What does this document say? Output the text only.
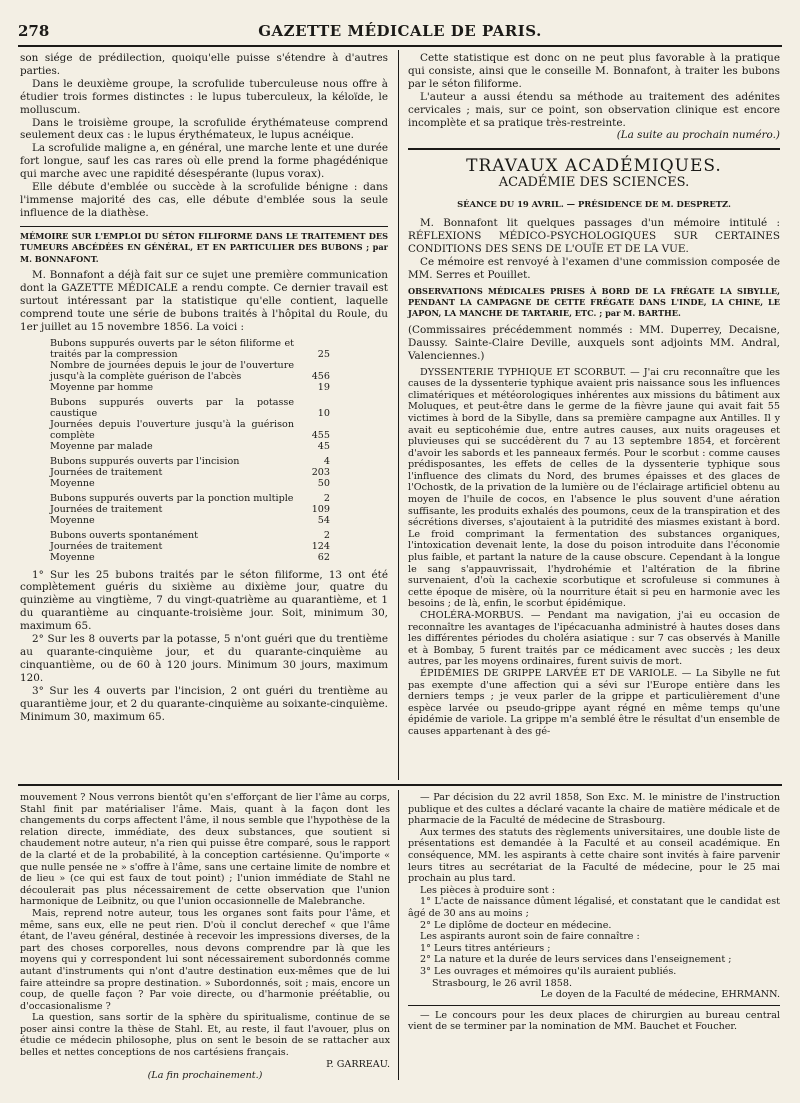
278	GAZETTE MÉDICALE DE PARIS.

son siége de prédilection, quoiqu'elle puisse s'étendre à d'autres parties.

Dans le deuxième groupe, la scrofulide tuberculeuse nous offre à étudier trois formes distinctes : le lupus tuberculeux, la kéloïde, le molluscum.

Dans le troisième groupe, la scrofulide érythémateuse comprend seulement deux cas : le lupus érythémateux, le lupus acnéique.

La scrofulide maligne a, en général, une marche lente et une durée fort longue, sauf les cas rares où elle prend la forme phagédénique qui marche avec une rapidité désespérante (lupus vorax).

Elle débute d'emblée ou succède à la scrofulide bénigne : dans l'immense majorité des cas, elle débute d'emblée sous la seule influence de la diathèse.

MÉMOIRE SUR L'EMPLOI DU SÉTON FILIFORME DANS LE TRAITEMENT DES TUMEURS ABCÉDÉES EN GÉNÉRAL, ET EN PARTICULIER DES BUBONS ; par M. BONNAFONT.

M. Bonnafont a déjà fait sur ce sujet une première communication dont la GAZETTE MÉDICALE a rendu compte. Ce dernier travail est surtout intéressant par la statistique qu'elle contient, laquelle comprend toute une série de bubons traités à l'hôpital du Roule, du 1er juillet au 15 novembre 1856. La voici :

Bubons suppurés ouverts par le séton filiforme et traités par la compression	25
Nombre de journées depuis le jour de l'ouverture jusqu'à la complète guérison de l'abcès	456
Moyenne par homme	19
Bubons suppurés ouverts par la potasse caustique	10
Journées depuis l'ouverture jusqu'à la guérison complète	455
Moyenne par malade	45
Bubons suppurés ouverts par l'incision	4
Journées de traitement	203
Moyenne	50
Bubons suppurés ouverts par la ponction multiple	2
Journées de traitement	109
Moyenne	54
Bubons ouverts spontanément	2
Journées de traitement	124
Moyenne	62

1° Sur les 25 bubons traités par le séton filiforme, 13 ont été complètement guéris du sixième au dixième jour, quatre du quinzième au vingtième, 7 du vingt-quatrième au quarantième, et 1 du quarantième au cinquante-troisième jour. Soit, minimum 30, maximum 65.

2° Sur les 8 ouverts par la potasse, 5 n'ont guéri que du trentième au quarante-cinquième jour, et du quarante-cinquième au cinquantième, ou de 60 à 120 jours. Minimum 30 jours, maximum 120.

3° Sur les 4 ouverts par l'incision, 2 ont guéri du trentième au quarantième jour, et 2 du quarante-cinquième au soixante-cinquième. Minimum 30, maximum 65.

Cette statistique est donc on ne peut plus favorable à la pratique qui consiste, ainsi que le conseille M. Bonnafont, à traiter les bubons par le séton filiforme.

L'auteur a aussi étendu sa méthode au traitement des adénites cervicales ; mais, sur ce point, son observation clinique est encore incomplète et sa pratique très-restreinte.

(La suite au prochain numéro.)
TRAVAUX ACADÉMIQUES.
ACADÉMIE DES SCIENCES.
SÉANCE DU 19 AVRIL. — PRÉSIDENCE DE M. DESPRETZ.

M. Bonnafont lit quelques passages d'un mémoire intitulé : RÉFLEXIONS MÉDICO-PSYCHOLOGIQUES SUR CERTAINES CONDITIONS DES SENS DE L'OUÏE ET DE LA VUE.

Ce mémoire est renvoyé à l'examen d'une commission composée de MM. Serres et Pouillet.

OBSERVATIONS MÉDICALES PRISES À BORD DE LA FRÉGATE LA SIBYLLE, PENDANT LA CAMPAGNE DE CETTE FRÉGATE DANS L'INDE, LA CHINE, LE JAPON, LA MANCHE DE TARTARIE, ETC. ; par M. BARTHE.

(Commissaires précédemment nommés : MM. Duperrey, Decaisne, Daussy. Sainte-Claire Deville, auxquels sont adjoints MM. Andral, Valenciennes.)

DYSSENTERIE TYPHIQUE ET SCORBUT. — J'ai cru reconnaître que les causes de la dyssenterie typhique avaient pris naissance sous les influences climatériques et météorologiques inhérentes aux missions du bâtiment aux Moluques, et peut-être dans le germe de la fièvre jaune qui avait fait 55 victimes à bord de la Sibylle, dans sa première campagne aux Antilles. Il y avait eu septicohémie due, entre autres causes, aux nuits orageuses et pluvieuses qui se succédèrent du 7 au 13 septembre 1854, et forcèrent d'avoir les sabords et les panneaux fermés. Pour le scorbut : comme causes prédisposantes, les effets de celles de la dyssenterie typhique sous l'influence des climats du Nord, des brumes épaisses et des glaces de l'Ochostk, de la privation de la lumière ou de l'éclairage artificiel obtenu au moyen de l'huile de cocos, en l'absence le plus souvent d'une aération suffisante, les produits exhalés des poumons, ceux de la transpiration et des sécrétions diverses, s'ajoutaient à la putridité des miasmes existant à bord. Le froid comprimant la fermentation des substances organiques, l'intoxication devenait lente, la dose du poison introduite dans l'économie plus faible, et partant la nature de la cause obscure. Cependant à la longue le sang s'appauvrissait, l'hydrohémie et l'altération de la fibrine survenaient, d'où la cachexie scorbutique et scrofuleuse si communes à cette époque de misère, où la nourriture était si peu en harmonie avec les besoins ; de là, enfin, le scorbut épidémique.

CHOLÉRA-MORBUS. — Pendant ma navigation, j'ai eu occasion de reconnaître les avantages de l'ipécacuanha administré à hautes doses dans les différentes périodes du choléra asiatique : sur 7 cas observés à Manille et à Bombay, 5 furent traités par ce médicament avec succès ; les deux autres, par les moyens ordinaires, furent suivis de mort.

ÉPIDÉMIES DE GRIPPE LARVÉE ET DE VARIOLE. — La Sibylle ne fut pas exempte d'une affection qui a sévi sur l'Europe entière dans les derniers temps ; je veux parler de la grippe et particulièrement d'une espèce larvée ou pseudo-grippe ayant régné en même temps qu'une épidémie de variole. La grippe m'a semblé être le résultat d'un ensemble de causes appartenant à des gé-

mouvement ? Nous verrons bientôt qu'en s'efforçant de lier l'âme au corps, Stahl finit par matérialiser l'âme. Mais, quant à la façon dont les changements du corps affectent l'âme, il nous semble que l'hypothèse de la relation directe, immédiate, des deux substances, que soutient si chaudement notre auteur, n'a rien qui puisse être comparé, sous le rapport de la clarté et de la probabilité, à la conception cartésienne. Qu'importe « que nulle pensée ne » s'offre à l'âme, sans une certaine limite de nombre et de lieu » (ce qui est faux de tout point) ; l'union immédiate de Stahl ne découlerait pas plus nécessairement de cette observation que l'union harmonique de Leibnitz, ou que l'union occasionnelle de Malebranche.

Mais, reprend notre auteur, tous les organes sont faits pour l'âme, et même, sans eux, elle ne peut rien. D'où il conclut derechef « que l'âme étant, de l'aveu général, destinée à recevoir les impressions diverses, de la part des choses corporelles, nous devons comprendre par là que les moyens qui y correspondent lui sont nécessairement subordonnés comme autant d'instruments qui n'ont d'autre destination eux-mêmes que de lui faire atteindre sa propre destination. » Subordonnés, soit ; mais, encore un coup, de quelle façon ? Par voie directe, ou d'harmonie préétablie, ou d'occasionalisme ?

La question, sans sortir de la sphère du spiritualisme, continue de se poser ainsi contre la thèse de Stahl. Et, au reste, il faut l'avouer, plus on étudie ce médecin philosophe, plus on sent le besoin de se rattacher aux belles et nettes conceptions de nos cartésiens français.

P. GARREAU.
(La fin prochainement.)

— Par décision du 22 avril 1858, Son Exc. M. le ministre de l'instruction publique et des cultes a déclaré vacante la chaire de matière médicale et de pharmacie de la Faculté de médecine de Strasbourg.

Aux termes des statuts des règlements universitaires, une double liste de présentations est demandée à la Faculté et au conseil académique. En conséquence, MM. les aspirants à cette chaire sont invités à faire parvenir leurs titres au secrétariat de la Faculté de médecine, pour le 25 mai prochain au plus tard.

Les pièces à produire sont :

1° L'acte de naissance dûment légalisé, et constatant que le candidat est âgé de 30 ans au moins ;

2° Le diplôme de docteur en médecine.

Les aspirants auront soin de faire connaître :

1° Leurs titres antérieurs ;

2° La nature et la durée de leurs services dans l'enseignement ;

3° Les ouvrages et mémoires qu'ils auraient publiés.

Strasbourg, le 26 avril 1858.

Le doyen de la Faculté de médecine, EHRMANN.

— Le concours pour les deux places de chirurgien au bureau central vient de se terminer par la nomination de MM. Bauchet et Foucher.
